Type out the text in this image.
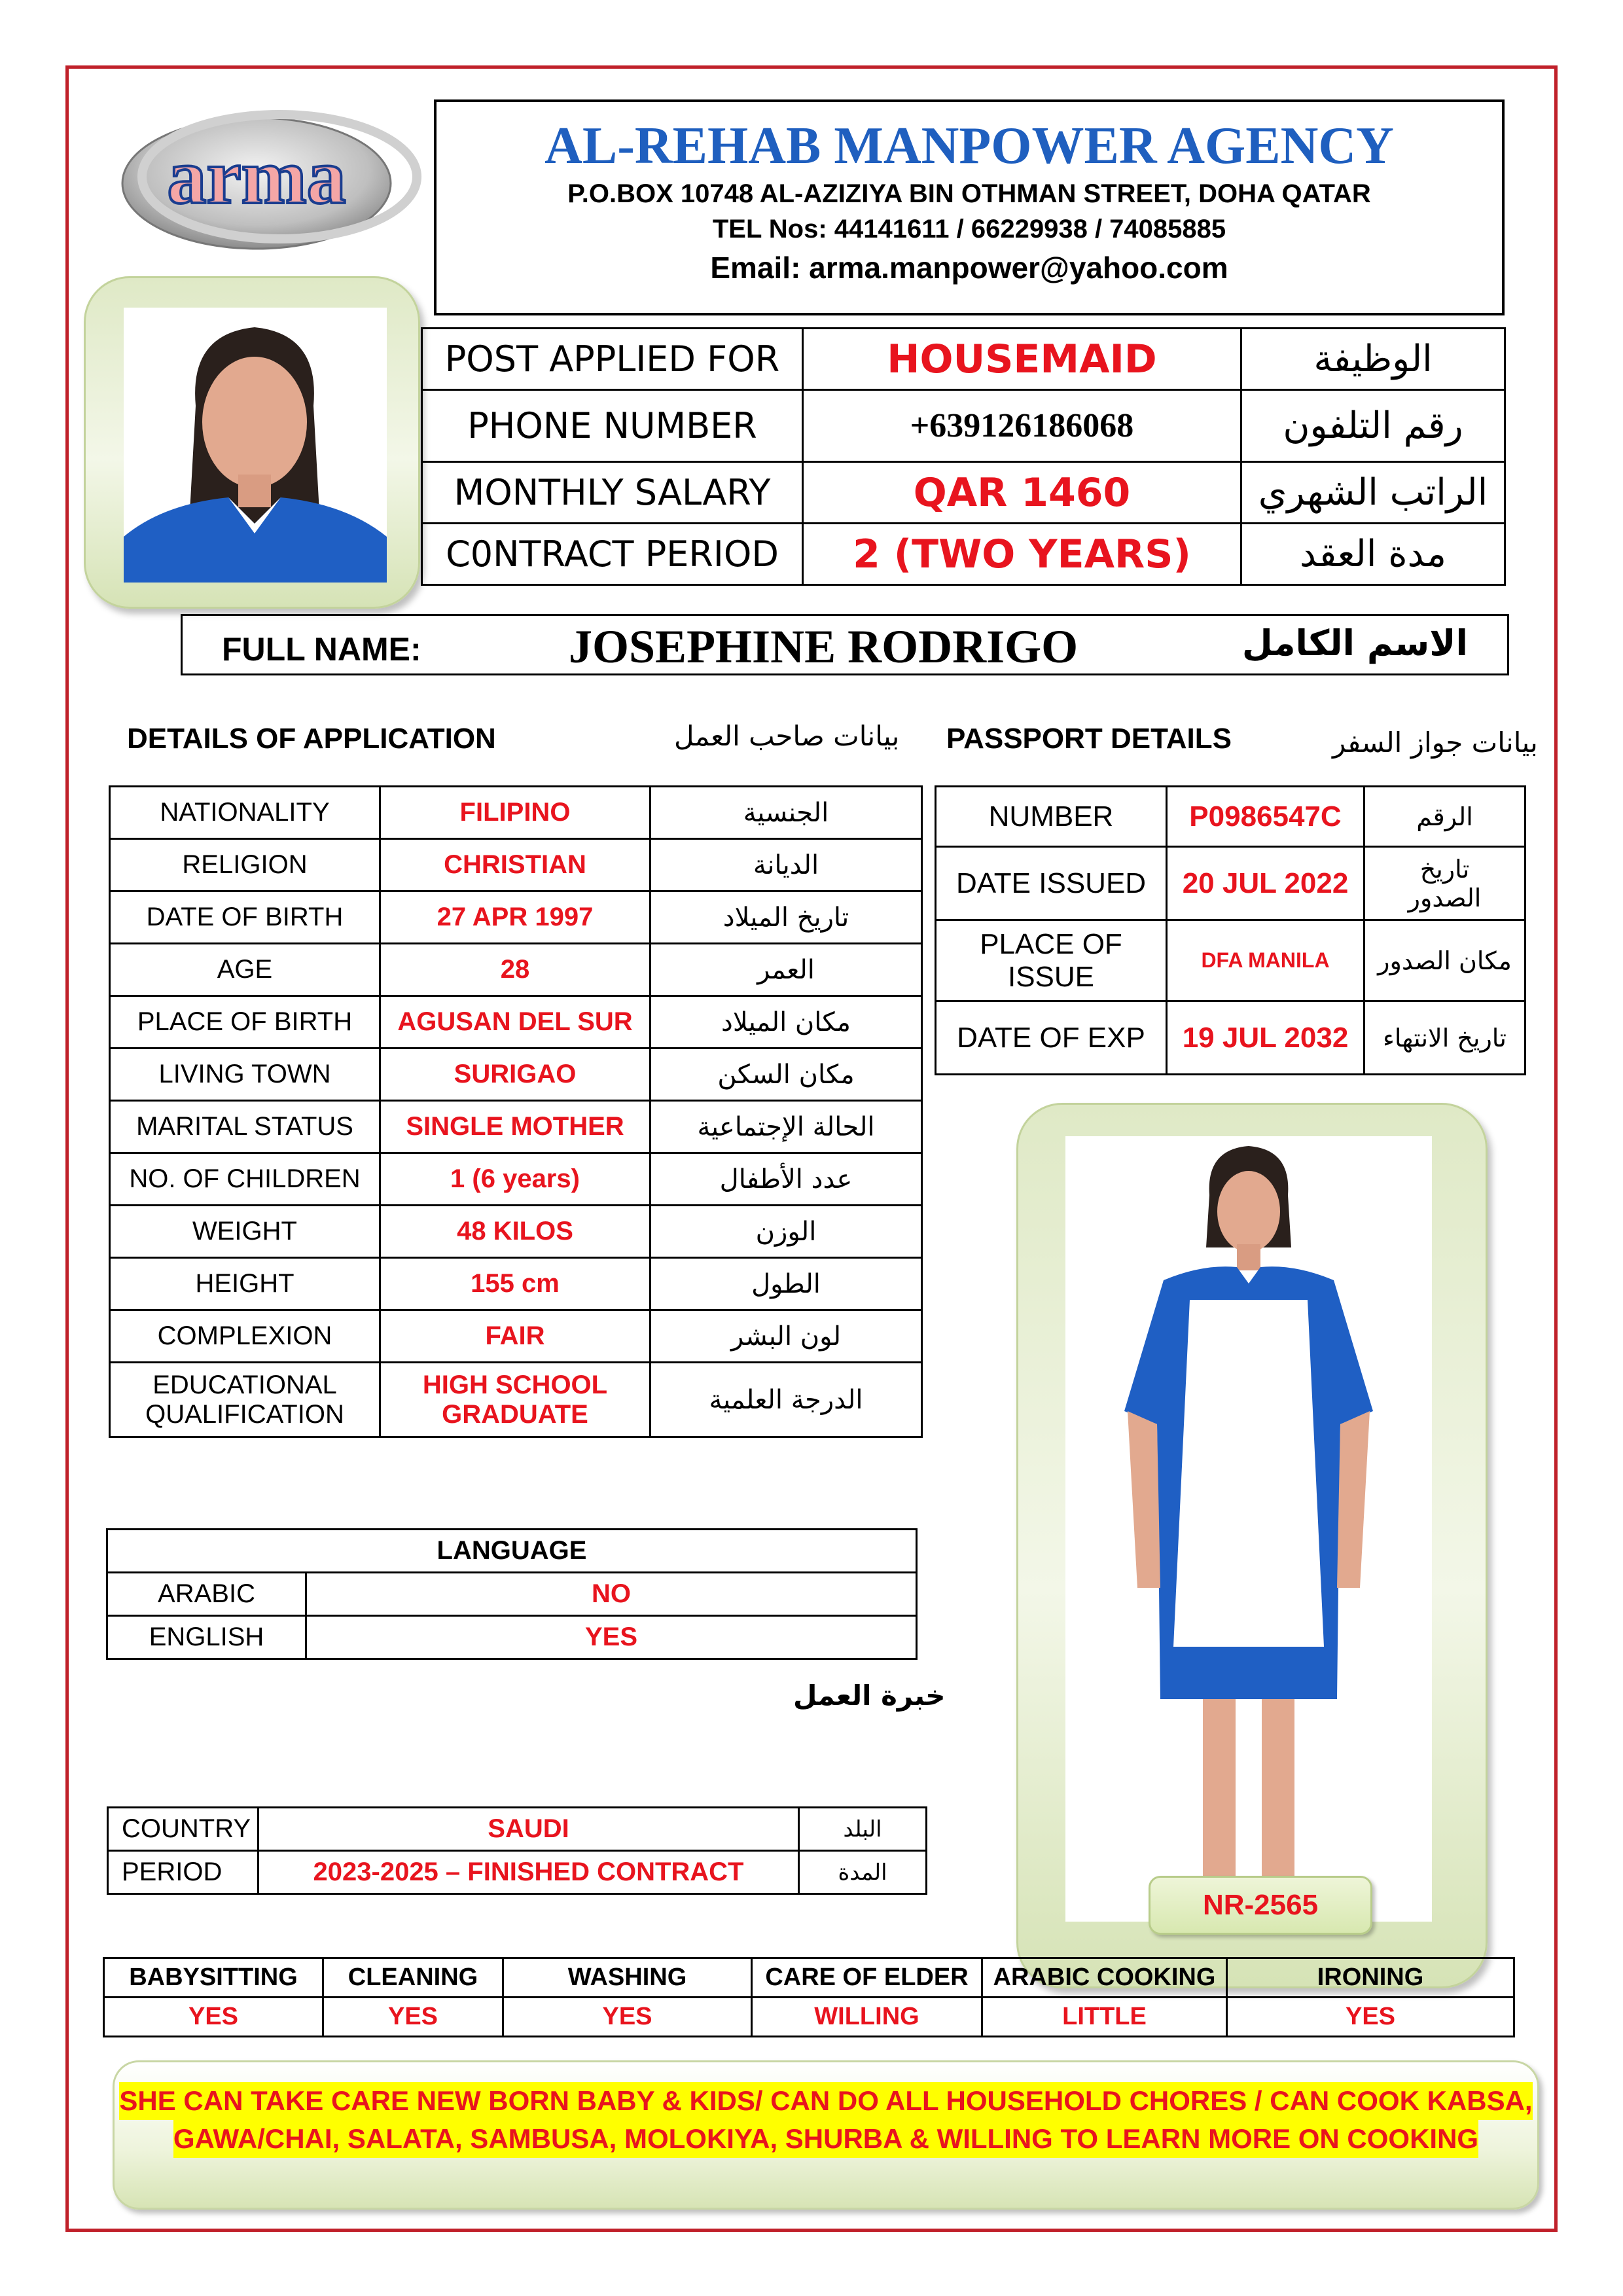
arma	AL-REHAB MANPOWER AGENCY
P.O.BOX 10748 AL-AZIZIYA BIN OTHMAN STREET, DOHA QATAR
TEL Nos: 44141611 / 66229938 / 74085885
Email: arma.manpower@yahoo.com
POST APPLIED FOR	HOUSEMAID	الوظيفة
PHONE NUMBER	+639126186068	رقم التلفون
MONTHLY SALARY	QAR 1460	الراتب الشهري
C0NTRACT PERIOD	2 (TWO YEARS)	مدة العقد
FULL NAME:	JOSEPHINE RODRIGO	الاسم الكامل
DETAILS OF APPLICATION	بيانات صاحب العمل PASSPORT DETAILS	بيانات جواز السفر
NATIONALITY	FILIPINO	الجنسية
RELIGION	CHRISTIAN	الديانة
DATE OF BIRTH	27 APR 1997	تاريخ الميلاد
AGE	28	العمر
PLACE OF BIRTH	AGUSAN DEL SUR	مكان الميلاد
LIVING TOWN	SURIGAO	مكان السكن
MARITAL STATUS	SINGLE MOTHER	الحالة الإجتماعية
NO. OF CHILDREN	1 (6 years)	عدد الأطفال
WEIGHT	48 KILOS	الوزن
HEIGHT	155 cm	الطول
COMPLEXION	FAIR	لون البشر
EDUCATIONAL QUALIFICATION	HIGH SCHOOL GRADUATE	الدرجة العلمية
NUMBER	P0986547C	الرقم
DATE ISSUED	20 JUL 2022	تاريخ الصدور
PLACE OF ISSUE	DFA MANILA	مكان الصدور
DATE OF EXP	19 JUL 2032	تاريخ الانتهاء
NR-2565
LANGUAGE	
ARABIC	NO
ENGLISH	YES
خبرة العمل
COUNTRY	SAUDI	البلد
PERIOD	2023-2025 – FINISHED CONTRACT	المدة
BABYSITTING	CLEANING	WASHING	CARE OF ELDER	ARABIC COOKING	IRONING
YES	YES	YES	WILLING	LITTLE	YES
SHE CAN TAKE CARE NEW BORN BABY & KIDS/ CAN DO ALL HOUSEHOLD CHORES / CAN COOK KABSA,
GAWA/CHAI, SALATA, SAMBUSA, MOLOKIYA, SHURBA & WILLING TO LEARN MORE ON COOKING
